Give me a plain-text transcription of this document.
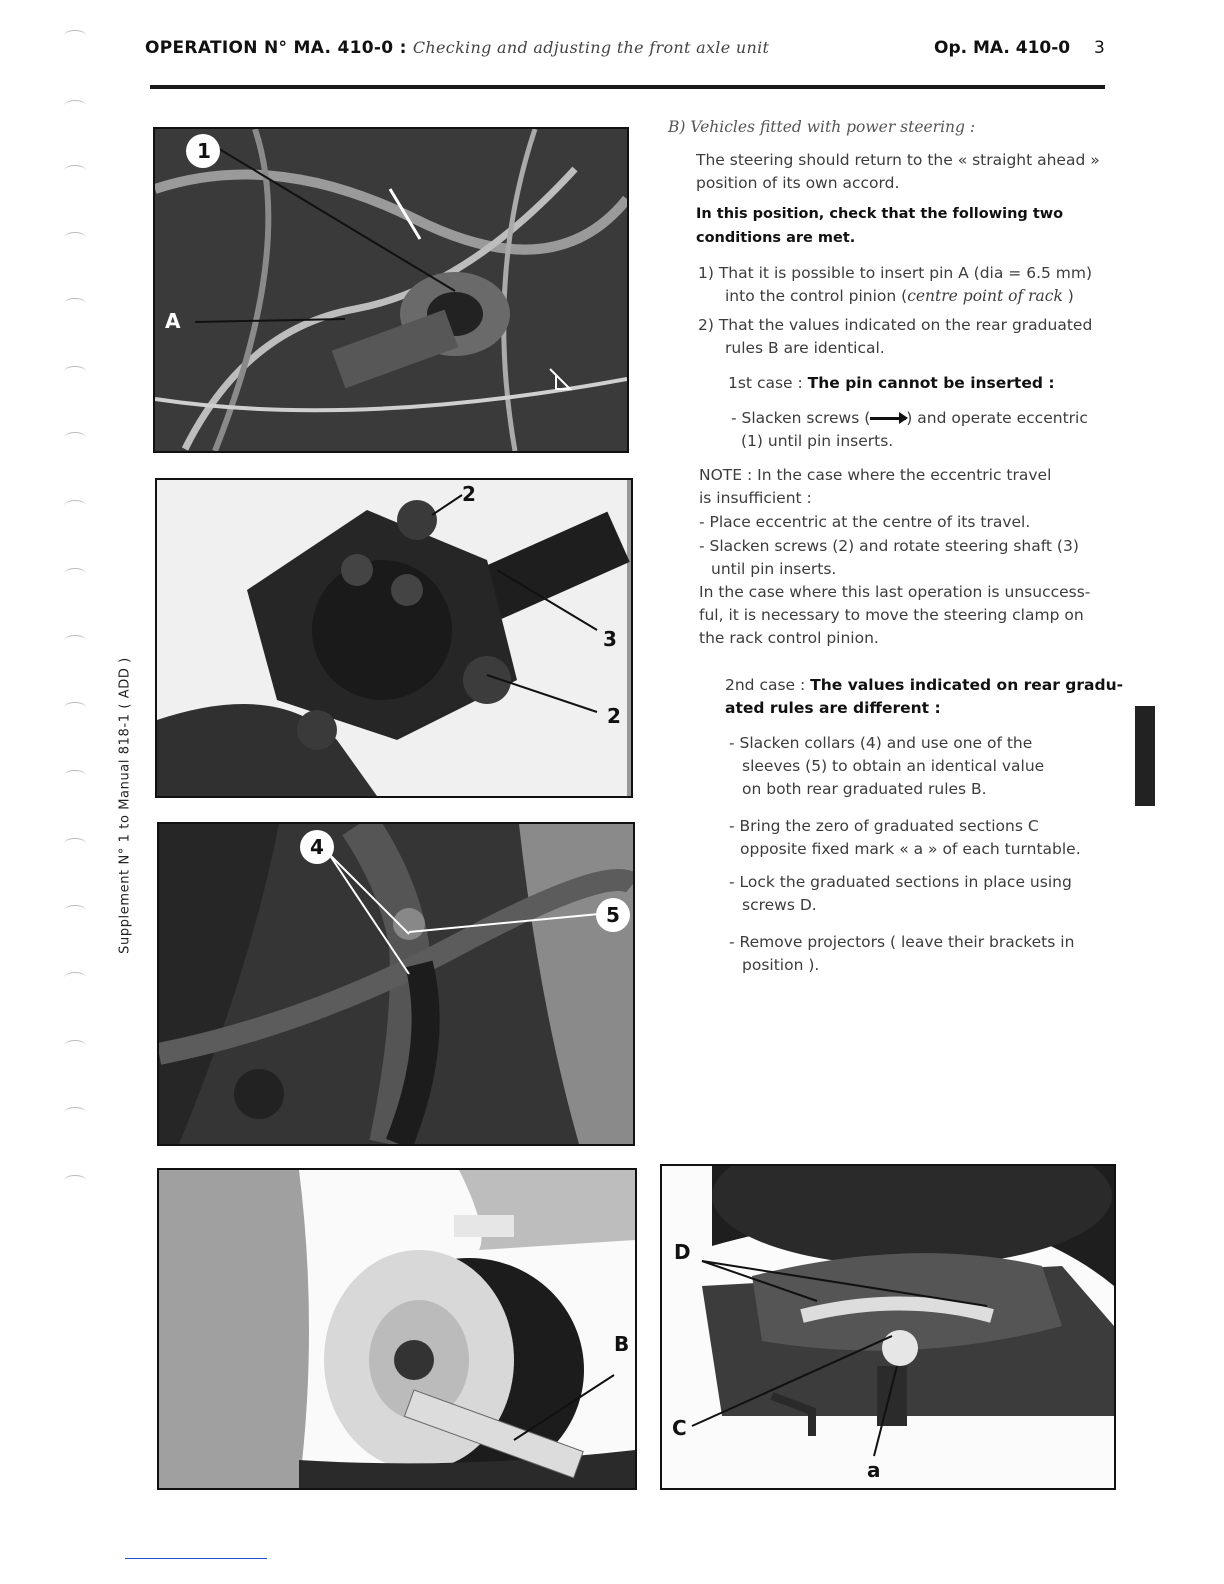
OPERATION N° MA. 410-0 : Checking and adjusting the front axle unit	Op. MA. 410-0 3
Supplement N° 1 to Manual 818-1 ( ADD )
1
A
2
3
2
4
5
B
D
C
a
B) Vehicles fitted with power steering :
The steering should return to the « straight ahead »
position of its own accord.
In this position, check that the following two
conditions are met.
1) That it is possible to insert pin A (dia = 6.5 mm)
into the control pinion (centre point of rack )
2) That the values indicated on the rear graduated
rules B are identical.
1st case : The pin cannot be inserted :
- Slacken screws ( ) and operate eccentric
(1) until pin inserts.
NOTE : In the case where the eccentric travel
is insufficient :
- Place eccentric at the centre of its travel.
- Slacken screws (2) and rotate steering shaft (3)
until pin inserts.
In the case where this last operation is unsuccess-
ful, it is necessary to move the steering clamp on
the rack control pinion.
2nd case : The values indicated on rear gradu-
ated rules are different :
- Slacken collars (4) and use one of the
sleeves (5) to obtain an identical value
on both rear graduated rules B.
- Bring the zero of graduated sections C
opposite fixed mark « a » of each turntable.
- Lock the graduated sections in place using
screws D.
- Remove projectors ( leave their brackets in
position ).
